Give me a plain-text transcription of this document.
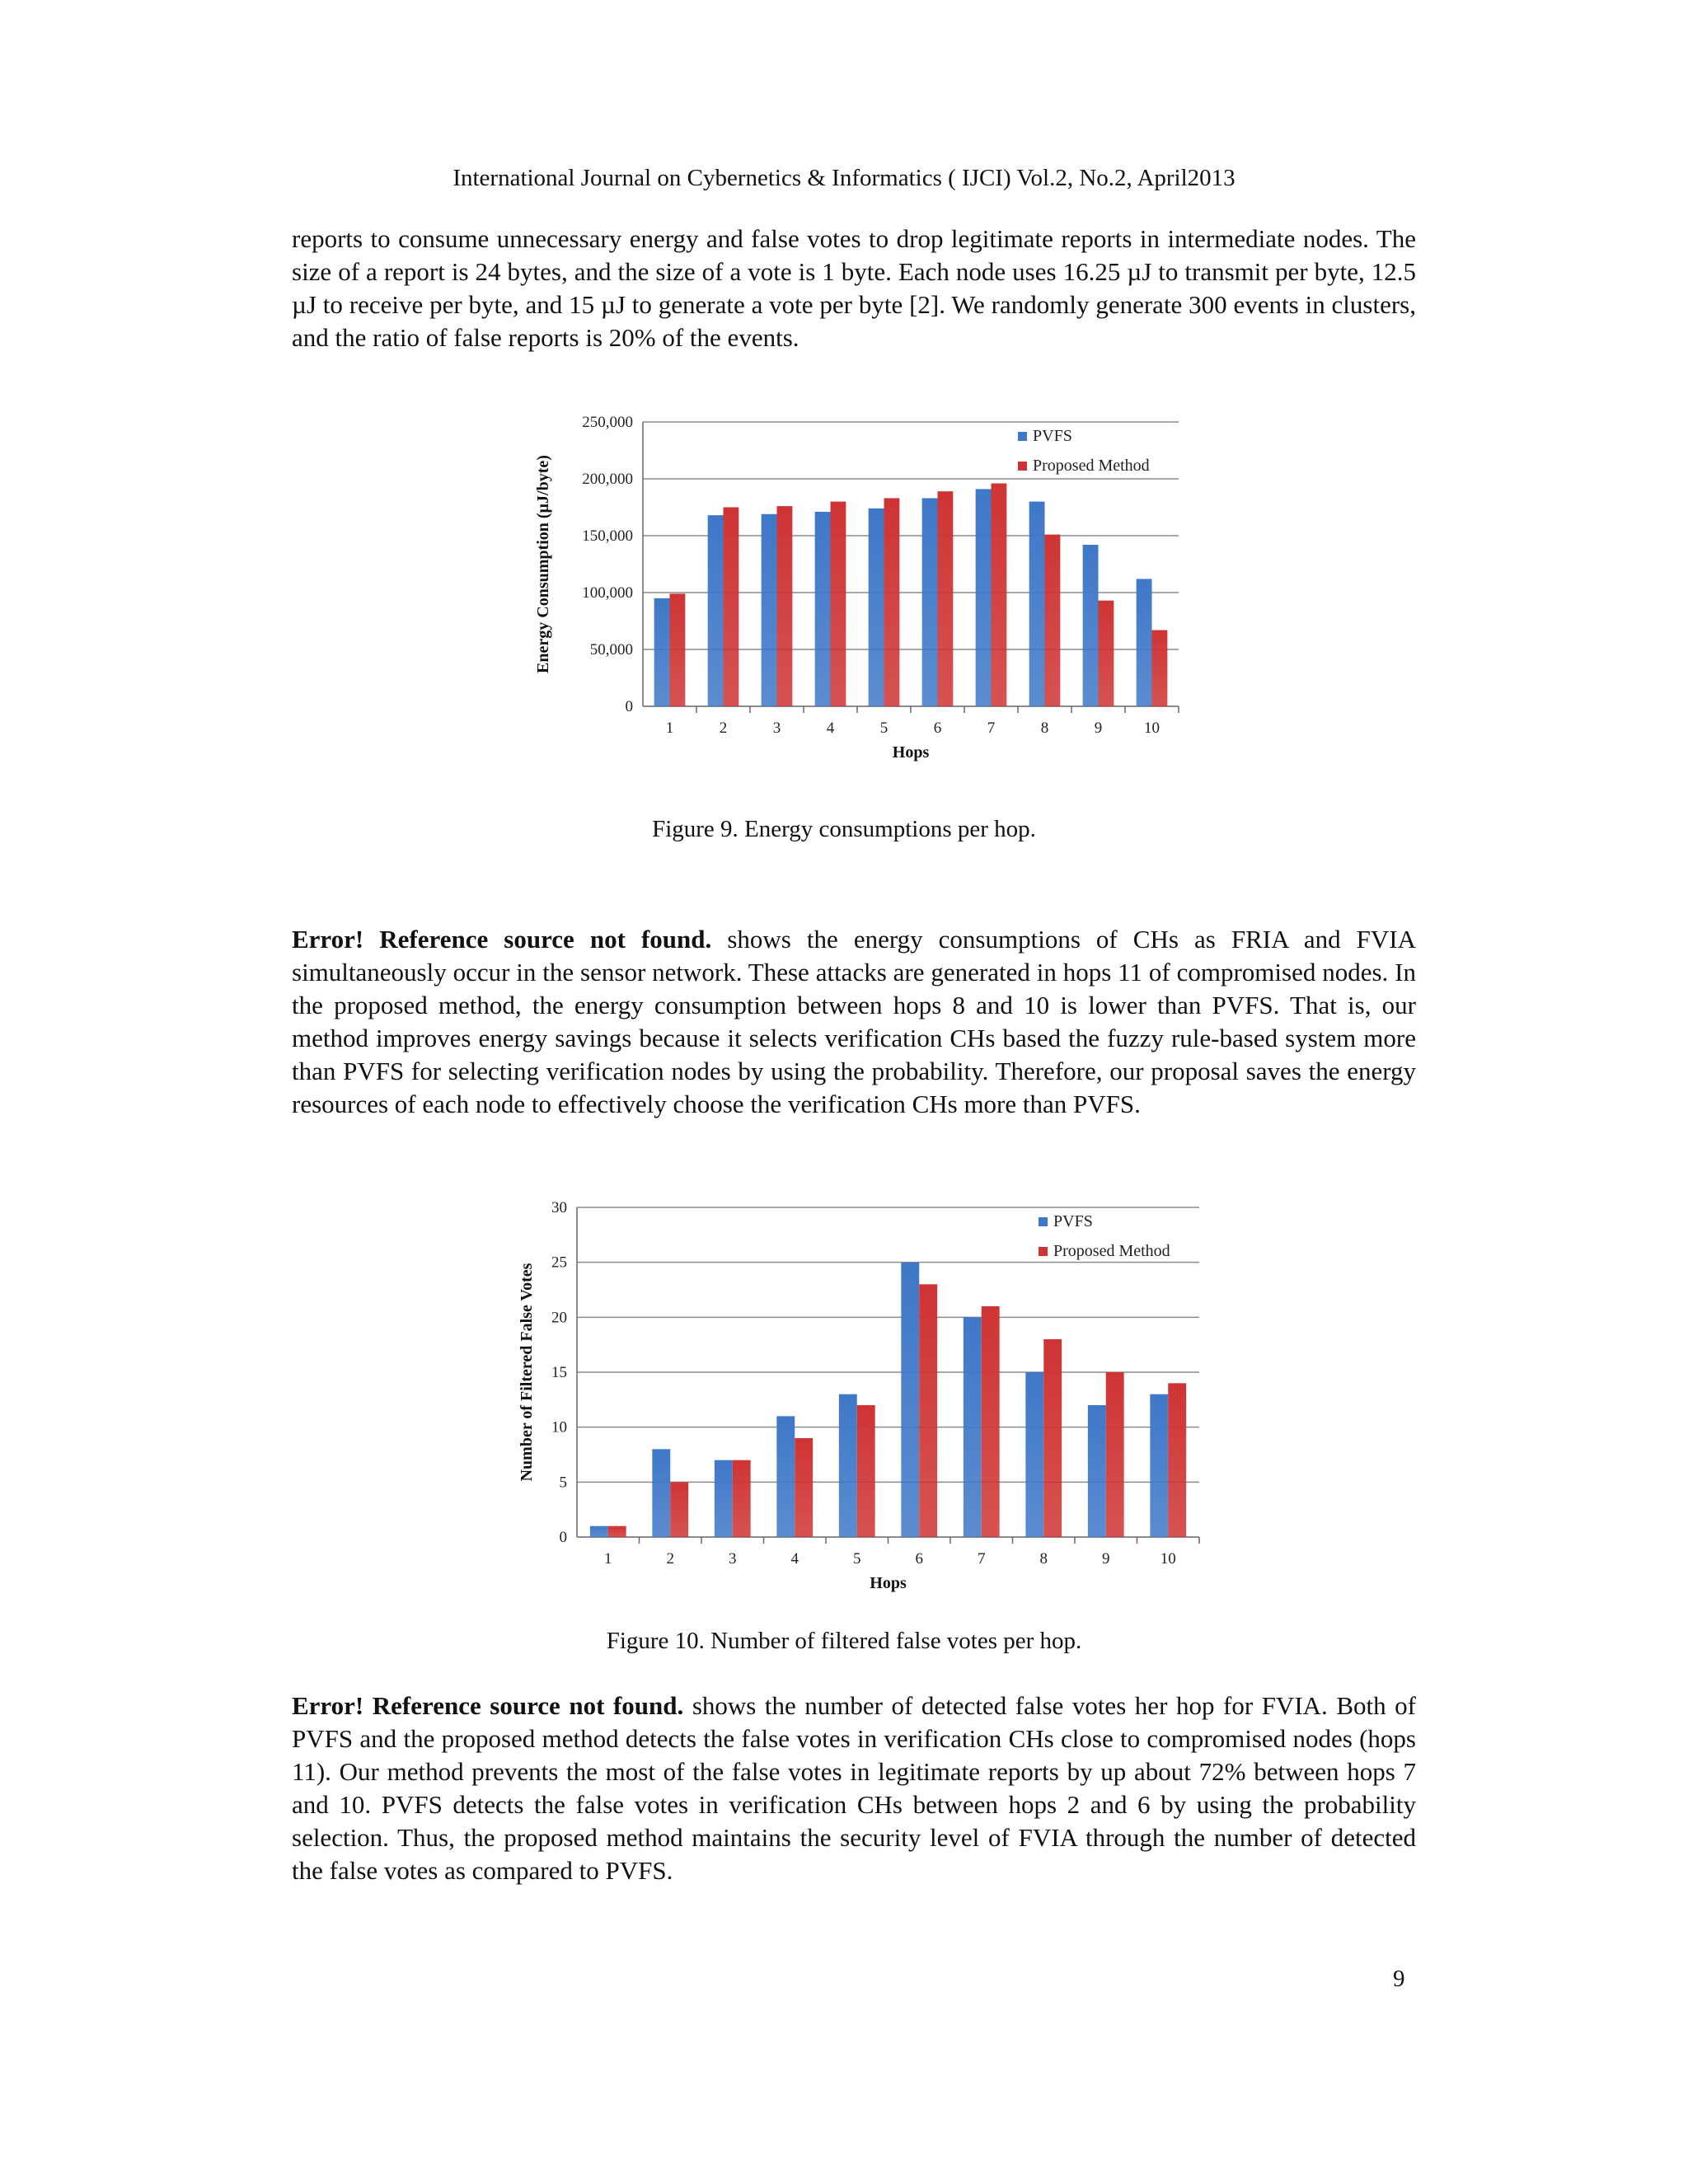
International Journal on Cybernetics & Informatics ( IJCI) Vol.2, No.2, April2013

reports to consume unnecessary energy and false votes to drop legitimate reports in intermediate nodes. The size of a report is 24 bytes, and the size of a vote is 1 byte. Each node uses 16.25 µJ to transmit per byte, 12.5 µJ to receive per byte, and 15 µJ to generate a vote per byte [2]. We randomly generate 300 events in clusters, and the ratio of false reports is 20% of the events.

0
50,000
100,000
150,000
200,000
250,000
1	2	3	4	5	6	7	8	9	10
Hops
Energy Consumption (µJ/byte)
PVFS
Proposed Method
Figure 9. Energy consumptions per hop.

Error! Reference source not found. shows the energy consumptions of CHs as FRIA and FVIA simultaneously occur in the sensor network. These attacks are generated in hops 11 of compromised nodes. In the proposed method, the energy consumption between hops 8 and 10 is lower than PVFS. That is, our method improves energy savings because it selects verification CHs based the fuzzy rule-based system more than PVFS for selecting verification nodes by using the probability. Therefore, our proposal saves the energy resources of each node to effectively choose the verification CHs more than PVFS.

0
5
10
15
20
25
30
1	2	3	4	5	6	7	8	9	10
Hops
Number of Filtered False Votes
PVFS
Proposed Method
Figure 10. Number of filtered false votes per hop.

Error! Reference source not found. shows the number of detected false votes her hop for FVIA. Both of PVFS and the proposed method detects the false votes in verification CHs close to compromised nodes (hops 11). Our method prevents the most of the false votes in legitimate reports by up about 72% between hops 7 and 10. PVFS detects the false votes in verification CHs between hops 2 and 6 by using the probability selection. Thus, the proposed method maintains the security level of FVIA through the number of detected the false votes as compared to PVFS.

9
